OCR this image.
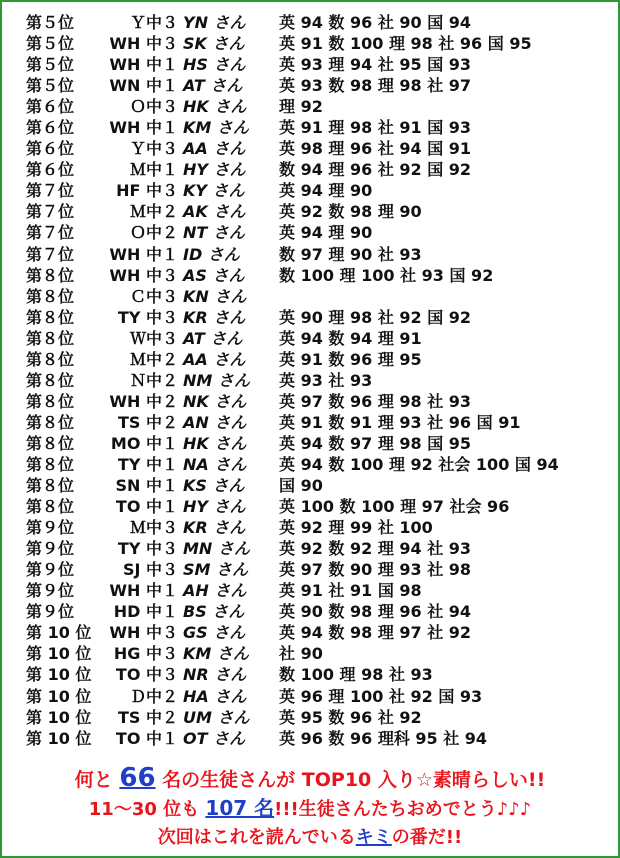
第５位	Ｙ中３ YN さん 英 94 数 96 社 90 国 94
第５位	WH 中３ SK さん 英 91 数 100 理 98 社 96 国 95
第５位	WH 中１ HS さん 英 93 理 94 社 95 国 93
第５位	WN 中１ AT さん 英 93 数 98 理 98 社 97
第６位	Ｏ中３ HK さん 理 92
第６位	WH 中１ KM さん 英 91 理 98 社 91 国 93
第６位	Ｙ中３ AA さん 英 98 理 96 社 94 国 91
第６位	Ｍ中１ HY さん 数 94 理 96 社 92 国 92
第７位	HF 中３ KY さん 英 94 理 90
第７位	Ｍ中２ AK さん 英 92 数 98 理 90
第７位	Ｏ中２ NT さん 英 94 理 90
第７位	WH 中１ ID さん 数 97 理 90 社 93
第８位	WH 中３ AS さん 数 100 理 100 社 93 国 92
第８位	Ｃ中３ KN さん
第８位	TY 中３ KR さん 英 90 理 98 社 92 国 92
第８位	Ｗ中３ AT さん 英 94 数 94 理 91
第８位	Ｍ中２ AA さん 英 91 数 96 理 95
第８位	Ｎ中２ NM さん 英 93 社 93
第８位	WH 中２ NK さん 英 97 数 96 理 98 社 93
第８位	TS 中２ AN さん 英 91 数 91 理 93 社 96 国 91
第８位	MO 中１ HK さん 英 94 数 97 理 98 国 95
第８位	TY 中１ NA さん 英 94 数 100 理 92 社会 100 国 94
第８位	SN 中１ KS さん 国 90
第８位	TO 中１ HY さん 英 100 数 100 理 97 社会 96
第９位	Ｍ中３ KR さん 英 92 理 99 社 100
第９位	TY 中３ MN さん 英 92 数 92 理 94 社 93
第９位	SJ 中３ SM さん 英 97 数 90 理 93 社 98
第９位	WH 中１ AH さん 英 91 社 91 国 98
第９位	HD 中１ BS さん 英 90 数 98 理 96 社 94
第 10 位	WH 中３ GS さん 英 94 数 98 理 97 社 92
第 10 位	HG 中３ KM さん 社 90
第 10 位	TO 中３ NR さん 数 100 理 98 社 93
第 10 位	Ｄ中２ HA さん 英 96 理 100 社 92 国 93
第 10 位	TS 中２ UM さん 英 95 数 96 社 92
第 10 位	TO 中１ OT さん 英 96 数 96 理科 95 社 94
何と 66 名の生徒さんが TOP10 入り☆素晴らしい!!
11～30 位も 107 名!!!生徒さんたちおめでとう♪♪♪
次回はこれを読んでいるキミの番だ!!
